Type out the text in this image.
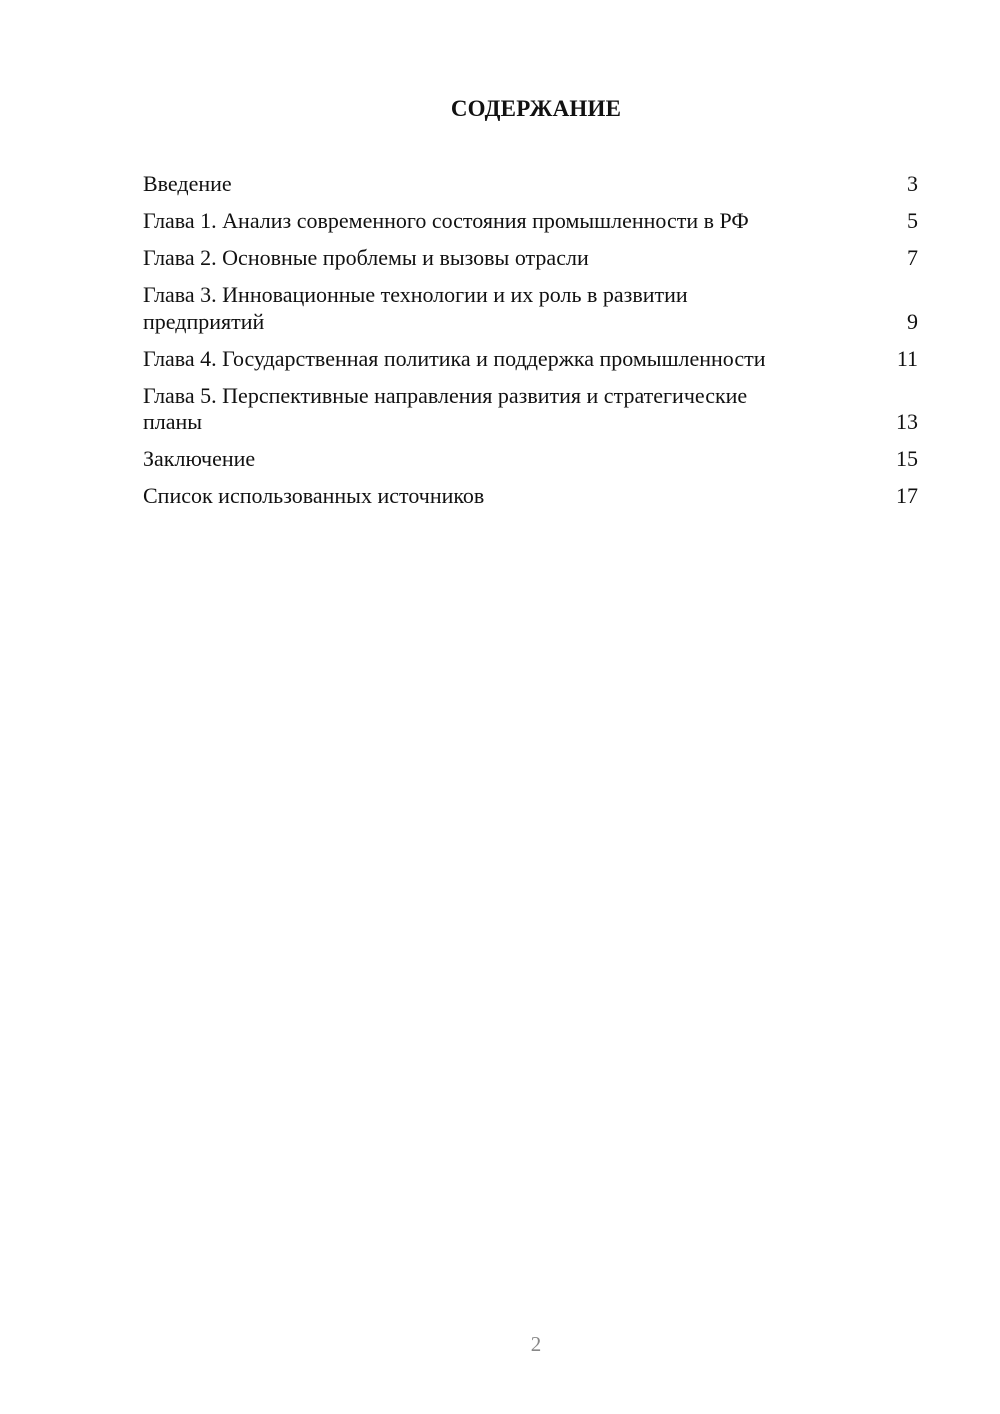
СОДЕРЖАНИЕ
Введение	3
Глава 1. Анализ современного состояния промышленности в РФ	5
Глава 2. Основные проблемы и вызовы отрасли	7
Глава 3. Инновационные технологии и их роль в развитии предприятий	9
Глава 4. Государственная политика и поддержка промышленности	11
Глава 5. Перспективные направления развития и стратегические планы	13
Заключение	15
Список использованных источников	17
2
